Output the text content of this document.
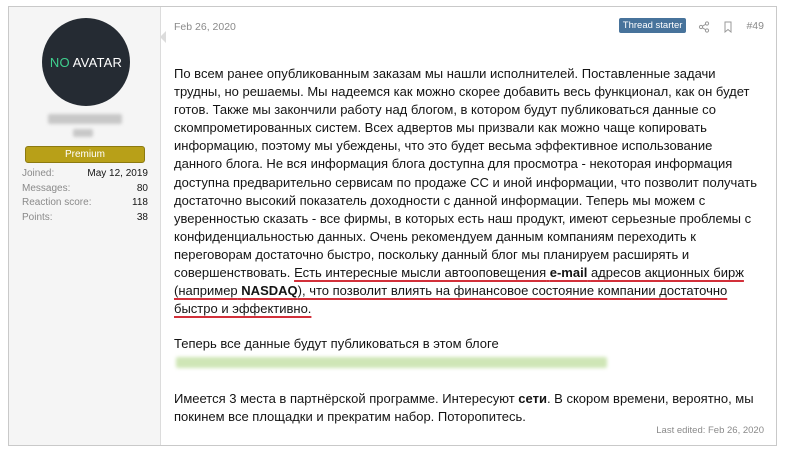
NO AVATAR
Premium
Joined:	May 12, 2019
Messages:	80
Reaction score:	118
Points:	38
Feb 26, 2020	Thread starter	#49

По всем ранее опубликованным заказам мы нашли исполнителей. Поставленные задачи трудны, но решаемы. Мы надеемся как можно скорее добавить весь функционал, как он будет готов. Также мы закончили работу над блогом, в котором будут публиковаться данные со скомпрометированных систем. Всех адвертов мы призвали как можно чаще копировать информацию, поэтому мы убеждены, что это будет весьма эффективное использование данного блога. Не вся информация блога доступна для просмотра - некоторая информация доступна предварительно сервисам по продаже СС и иной информации, что позволит получать достаточно высокий показатель доходности с данной информации. Теперь мы можем с уверенностью сказать - все фирмы, в которых есть наш продукт, имеют серьезные проблемы с конфиденциальностью данных. Очень рекомендуем данным компаниям переходить к переговорам достаточно быстро, поскольку данный блог мы планируем расширять и совершенствовать. Есть интересные мысли автооповещения e-mail адресов акционных бирж (например NASDAQ), что позволит влиять на финансовое состояние компании достаточно быстро и эффективно.

Теперь все данные будут публиковаться в этом блоге
Имеется 3 места в партнёрской программе. Интересуют сети. В скором времени, вероятно, мы покинем все площадки и прекратим набор. Поторопитесь.
Last edited: Feb 26, 2020
